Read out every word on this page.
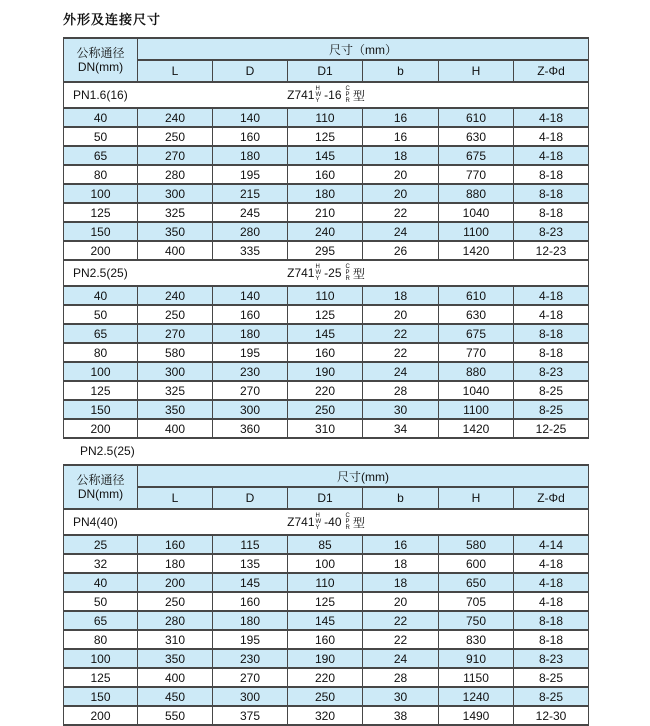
外形及连接尺寸
公称通径
DN(mm)	尺寸（mm）					
	L	D	D1	b	H	Z-Φd

PN1.6(16)	Z741 H
W
Y -16 C
P
R 型

40	240	140	110	16	610	4-18
50	250	160	125	16	630	4-18
65	270	180	145	18	675	4-18
80	280	195	160	20	770	8-18
100	300	215	180	20	880	8-18
125	325	245	210	22	1040	8-18
150	350	280	240	24	1100	8-23
200	400	335	295	26	1420	12-23

PN2.5(25)	Z741 H
W
Y -25 C
P
R 型

40	240	140	110	18	610	4-18
50	250	160	125	20	630	4-18
65	270	180	145	22	675	8-18
80	580	195	160	22	770	8-18
100	300	230	190	24	880	8-23
125	325	270	220	28	1040	8-25
150	350	300	250	30	1100	8-25
200	400	360	310	34	1420	12-25
PN2.5(25)
公称通径
DN(mm)	尺寸(mm)					
	L	D	D1	b	H	Z-Φd

PN4(40)	Z741 H
W
Y -40 C
P
R 型

25	160	115	85	16	580	4-14
32	180	135	100	18	600	4-18
40	200	145	110	18	650	4-18
50	250	160	125	20	705	4-18
65	280	180	145	22	750	8-18
80	310	195	160	22	830	8-18
100	350	230	190	24	910	8-23
125	400	270	220	28	1150	8-25
150	450	300	250	30	1240	8-25
200	550	375	320	38	1490	12-30
